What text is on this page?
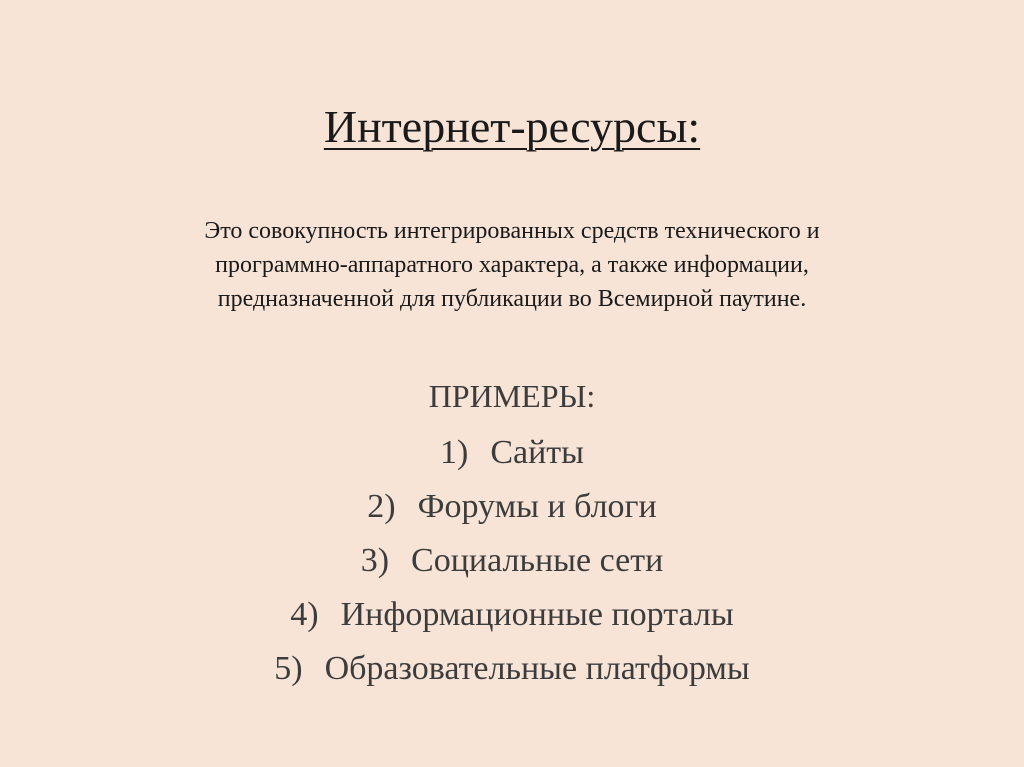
Интернет-ресурсы:
Это совокупность интегрированных средств технического и
программно-аппаратного характера, а также информации,
предназначенной для публикации во Всемирной паутине.
ПРИМЕРЫ:
1) Сайты
2) Форумы и блоги
3) Социальные сети
4) Информационные порталы
5) Образовательные платформы
